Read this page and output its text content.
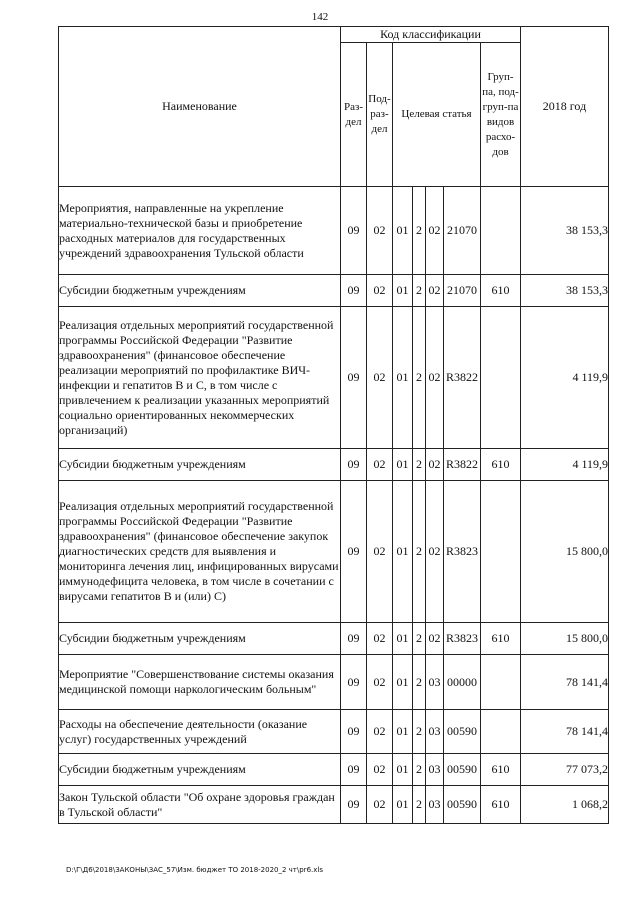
142
Наименование	Код классификации							2018 год
	Раз-дел	Под-раз-дел	Целевая статья				Груп-па, под-груп-па видов расхо-дов	
Мероприятия, направленные на укрепление материально-технической базы и приобретение расходных материалов для государственных учреждений здравоохранения Тульской области	09	02	01	2	02	21070		38 153,3
Субсидии бюджетным учреждениям	09	02	01	2	02	21070	610	38 153,3
Реализация отдельных мероприятий государственной программы Российской Федерации "Развитие здравоохранения" (финансовое обеспечение реализации мероприятий по профилактике ВИЧ-инфекции и гепатитов В и С, в том числе с привлечением к реализации указанных мероприятий социально ориентированных некоммерческих организаций)	09	02	01	2	02	R3822		4 119,9
Субсидии бюджетным учреждениям	09	02	01	2	02	R3822	610	4 119,9
Реализация отдельных мероприятий государственной программы Российской Федерации "Развитие здравоохранения" (финансовое обеспечение закупок диагностических средств для выявления и мониторинга лечения лиц, инфицированных вирусами иммунодефицита человека, в том числе в сочетании с вирусами гепатитов В и (или) С)	09	02	01	2	02	R3823		15 800,0
Субсидии бюджетным учреждениям	09	02	01	2	02	R3823	610	15 800,0
Мероприятие "Совершенствование системы оказания медицинской помощи наркологическим больным"	09	02	01	2	03	00000		78 141,4
Расходы на обеспечение деятельности (оказание услуг) государственных учреждений	09	02	01	2	03	00590		78 141,4
Субсидии бюджетным учреждениям	09	02	01	2	03	00590	610	77 073,2
Закон Тульской области "Об охране здоровья граждан в Тульской области"	09	02	01	2	03	00590	610	1 068,2
D:\Г\Д6\2018\ЗАКОНЫ\ЗАС_57\Изм. бюджет ТО 2018-2020_2 чт\pr6.xls
